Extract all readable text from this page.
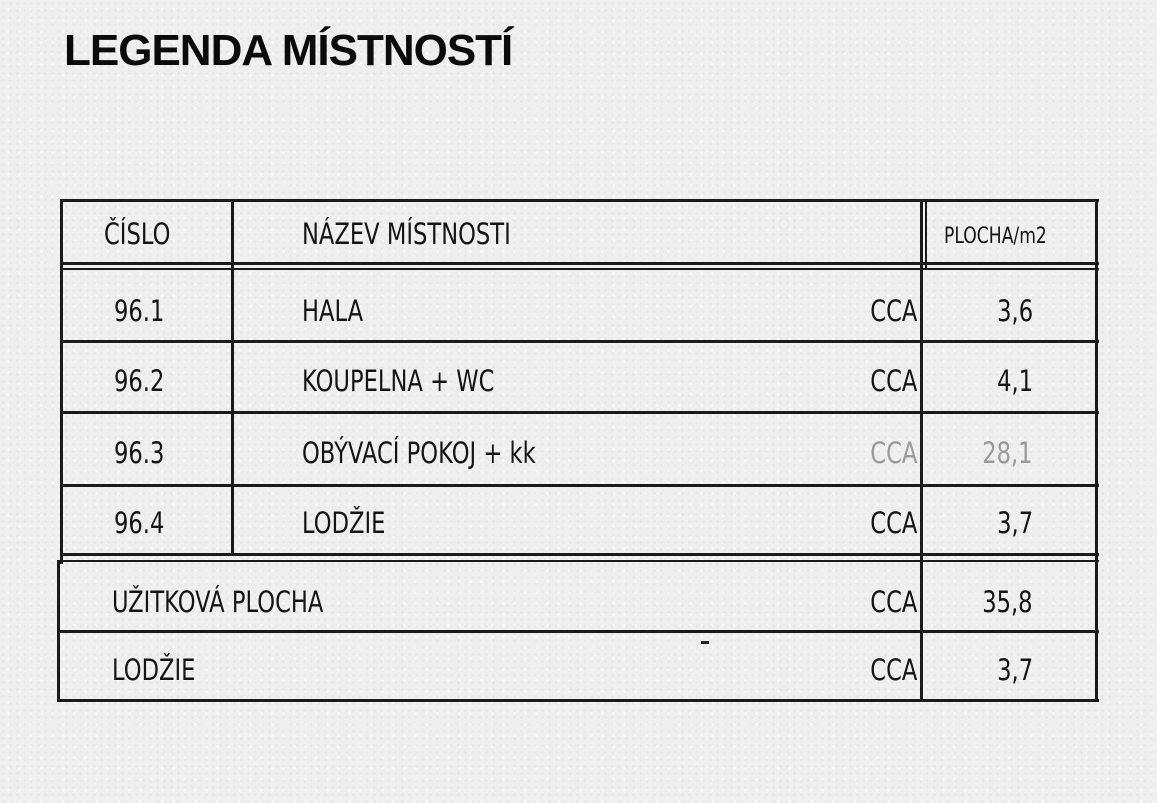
LEGENDA MÍSTNOSTÍ
ČÍSLO	NÁZEV MÍSTNOSTI	PLOCHA/m2
96.1	HALA	CCA	3,6
96.2	KOUPELNA + WC	CCA	4,1
96.3	OBÝVACÍ POKOJ + kk	CCA 28,1
96.4	LODŽIE	CCA	3,7
UŽITKOVÁ PLOCHA	CCA 35,8
LODŽIE	CCA	3,7
